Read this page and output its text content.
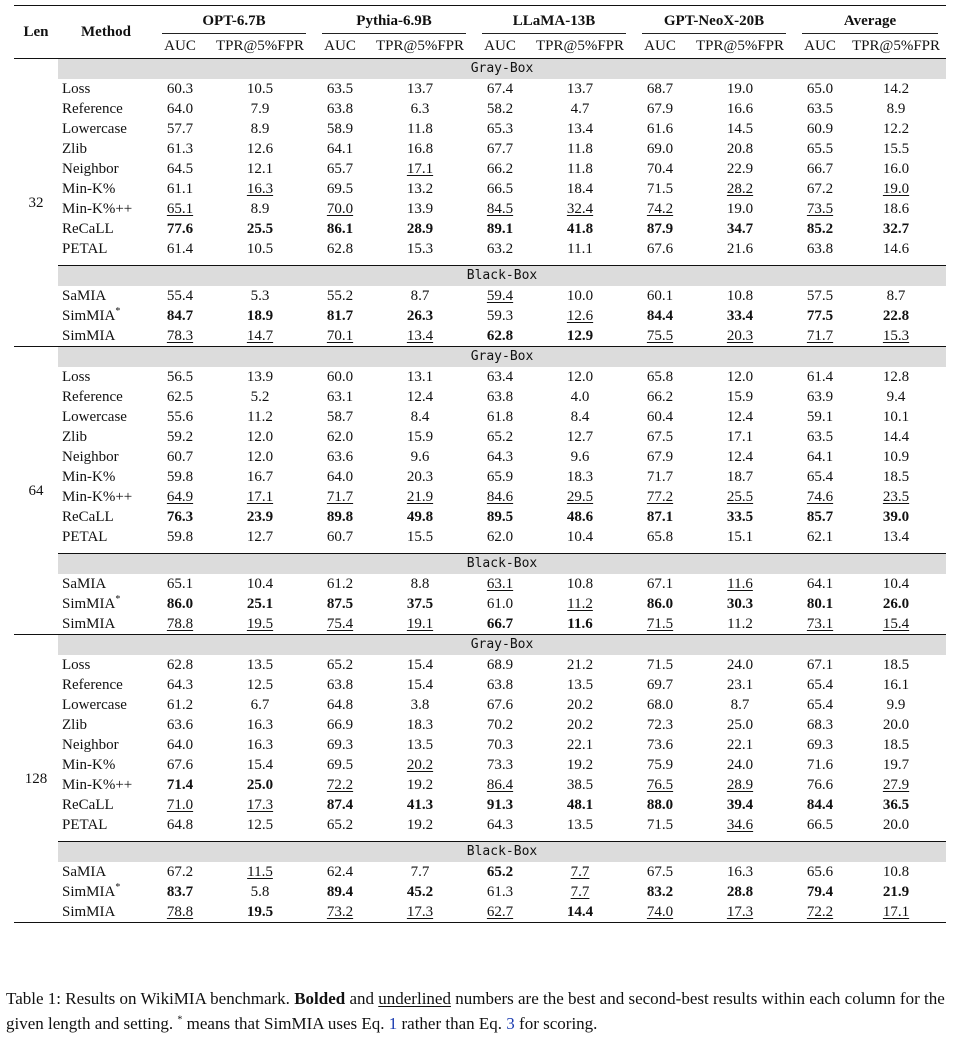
Len	Method	OPT-6.7B		Pythia-6.9B		LLaMA-13B		GPT-NeoX-20B		Average	
		AUC	TPR@5%FPR	AUC	TPR@5%FPR	AUC	TPR@5%FPR	AUC	TPR@5%FPR	AUC	TPR@5%FPR
32	Gray-Box										
	Loss	60.3	10.5	63.5	13.7	67.4	13.7	68.7	19.0	65.0	14.2
	Reference	64.0	7.9	63.8	6.3	58.2	4.7	67.9	16.6	63.5	8.9
	Lowercase	57.7	8.9	58.9	11.8	65.3	13.4	61.6	14.5	60.9	12.2
	Zlib	61.3	12.6	64.1	16.8	67.7	11.8	69.0	20.8	65.5	15.5
	Neighbor	64.5	12.1	65.7	17.1	66.2	11.8	70.4	22.9	66.7	16.0
	Min-K%	61.1	16.3	69.5	13.2	66.5	18.4	71.5	28.2	67.2	19.0
	Min-K%++	65.1	8.9	70.0	13.9	84.5	32.4	74.2	19.0	73.5	18.6
	ReCaLL	77.6	25.5	86.1	28.9	89.1	41.8	87.9	34.7	85.2	32.7
	PETAL	61.4	10.5	62.8	15.3	63.2	11.1	67.6	21.6	63.8	14.6

	Black-Box										
	SaMIA	55.4	5.3	55.2	8.7	59.4	10.0	60.1	10.8	57.5	8.7
	SimMIA*	84.7	18.9	81.7	26.3	59.3	12.6	84.4	33.4	77.5	22.8
	SimMIA	78.3	14.7	70.1	13.4	62.8	12.9	75.5	20.3	71.7	15.3
64	Gray-Box										
	Loss	56.5	13.9	60.0	13.1	63.4	12.0	65.8	12.0	61.4	12.8
	Reference	62.5	5.2	63.1	12.4	63.8	4.0	66.2	15.9	63.9	9.4
	Lowercase	55.6	11.2	58.7	8.4	61.8	8.4	60.4	12.4	59.1	10.1
	Zlib	59.2	12.0	62.0	15.9	65.2	12.7	67.5	17.1	63.5	14.4
	Neighbor	60.7	12.0	63.6	9.6	64.3	9.6	67.9	12.4	64.1	10.9
	Min-K%	59.8	16.7	64.0	20.3	65.9	18.3	71.7	18.7	65.4	18.5
	Min-K%++	64.9	17.1	71.7	21.9	84.6	29.5	77.2	25.5	74.6	23.5
	ReCaLL	76.3	23.9	89.8	49.8	89.5	48.6	87.1	33.5	85.7	39.0
	PETAL	59.8	12.7	60.7	15.5	62.0	10.4	65.8	15.1	62.1	13.4

	Black-Box										
	SaMIA	65.1	10.4	61.2	8.8	63.1	10.8	67.1	11.6	64.1	10.4
	SimMIA*	86.0	25.1	87.5	37.5	61.0	11.2	86.0	30.3	80.1	26.0
	SimMIA	78.8	19.5	75.4	19.1	66.7	11.6	71.5	11.2	73.1	15.4
128	Gray-Box										
	Loss	62.8	13.5	65.2	15.4	68.9	21.2	71.5	24.0	67.1	18.5
	Reference	64.3	12.5	63.8	15.4	63.8	13.5	69.7	23.1	65.4	16.1
	Lowercase	61.2	6.7	64.8	3.8	67.6	20.2	68.0	8.7	65.4	9.9
	Zlib	63.6	16.3	66.9	18.3	70.2	20.2	72.3	25.0	68.3	20.0
	Neighbor	64.0	16.3	69.3	13.5	70.3	22.1	73.6	22.1	69.3	18.5
	Min-K%	67.6	15.4	69.5	20.2	73.3	19.2	75.9	24.0	71.6	19.7
	Min-K%++	71.4	25.0	72.2	19.2	86.4	38.5	76.5	28.9	76.6	27.9
	ReCaLL	71.0	17.3	87.4	41.3	91.3	48.1	88.0	39.4	84.4	36.5
	PETAL	64.8	12.5	65.2	19.2	64.3	13.5	71.5	34.6	66.5	20.0

	Black-Box										
	SaMIA	67.2	11.5	62.4	7.7	65.2	7.7	67.5	16.3	65.6	10.8
	SimMIA*	83.7	5.8	89.4	45.2	61.3	7.7	83.2	28.8	79.4	21.9
	SimMIA	78.8	19.5	73.2	17.3	62.7	14.4	74.0	17.3	72.2	17.1
Table 1: Results on WikiMIA benchmark. Bolded and underlined numbers are the best and second-best results within each column for the given length and setting. * means that SimMIA uses Eq. 1 rather than Eq. 3 for scoring.
